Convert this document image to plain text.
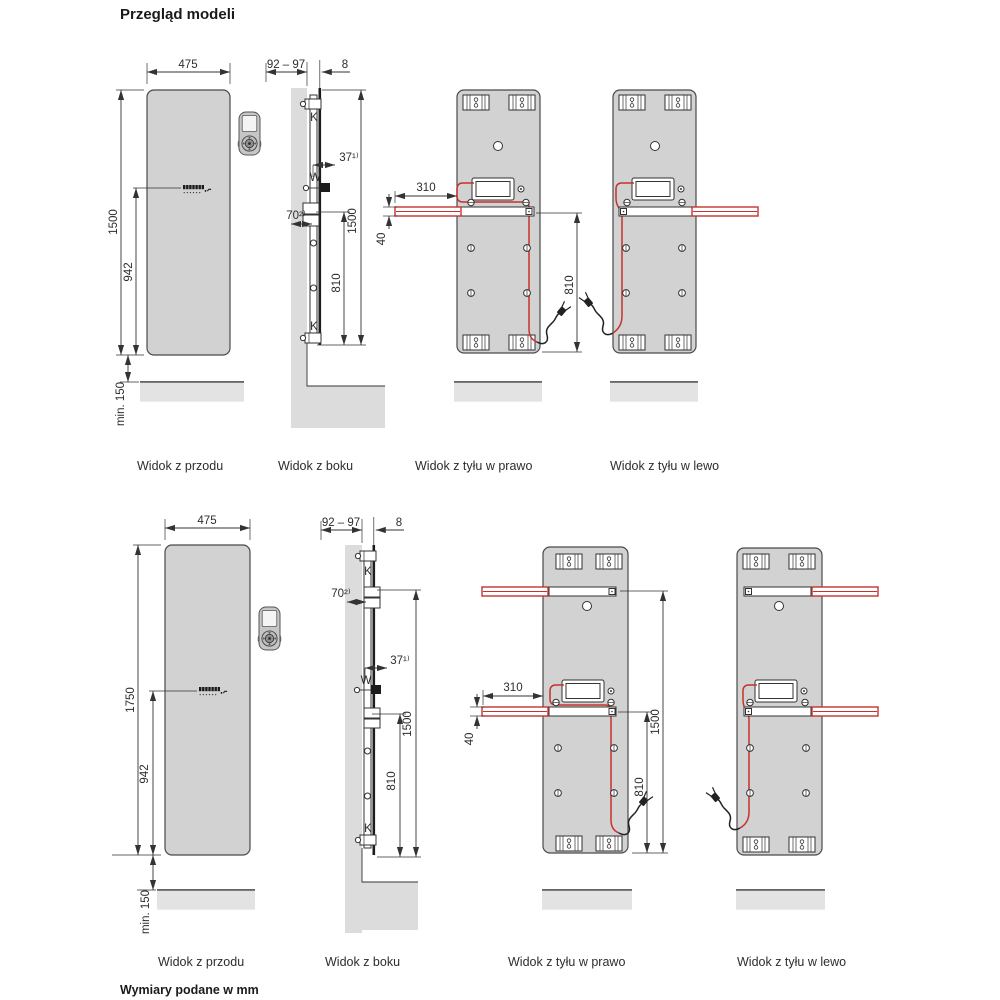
Przegląd modeli
475
1500
942
min. 150
K
K
W
92 – 97	8
37¹⁾
70²⁾
810
1500
310
40
810
475
1750
942
min. 150
K
K
W
92 – 97	8
70²⁾
37¹⁾
1500
810
310
40
1500
810
Widok z przodu	Widok z boku	Widok z tyłu w prawo	Widok z tyłu w lewo
Widok z przodu	Widok z boku	Widok z tyłu w prawo	Widok z tyłu w lewo
Wymiary podane w mm
